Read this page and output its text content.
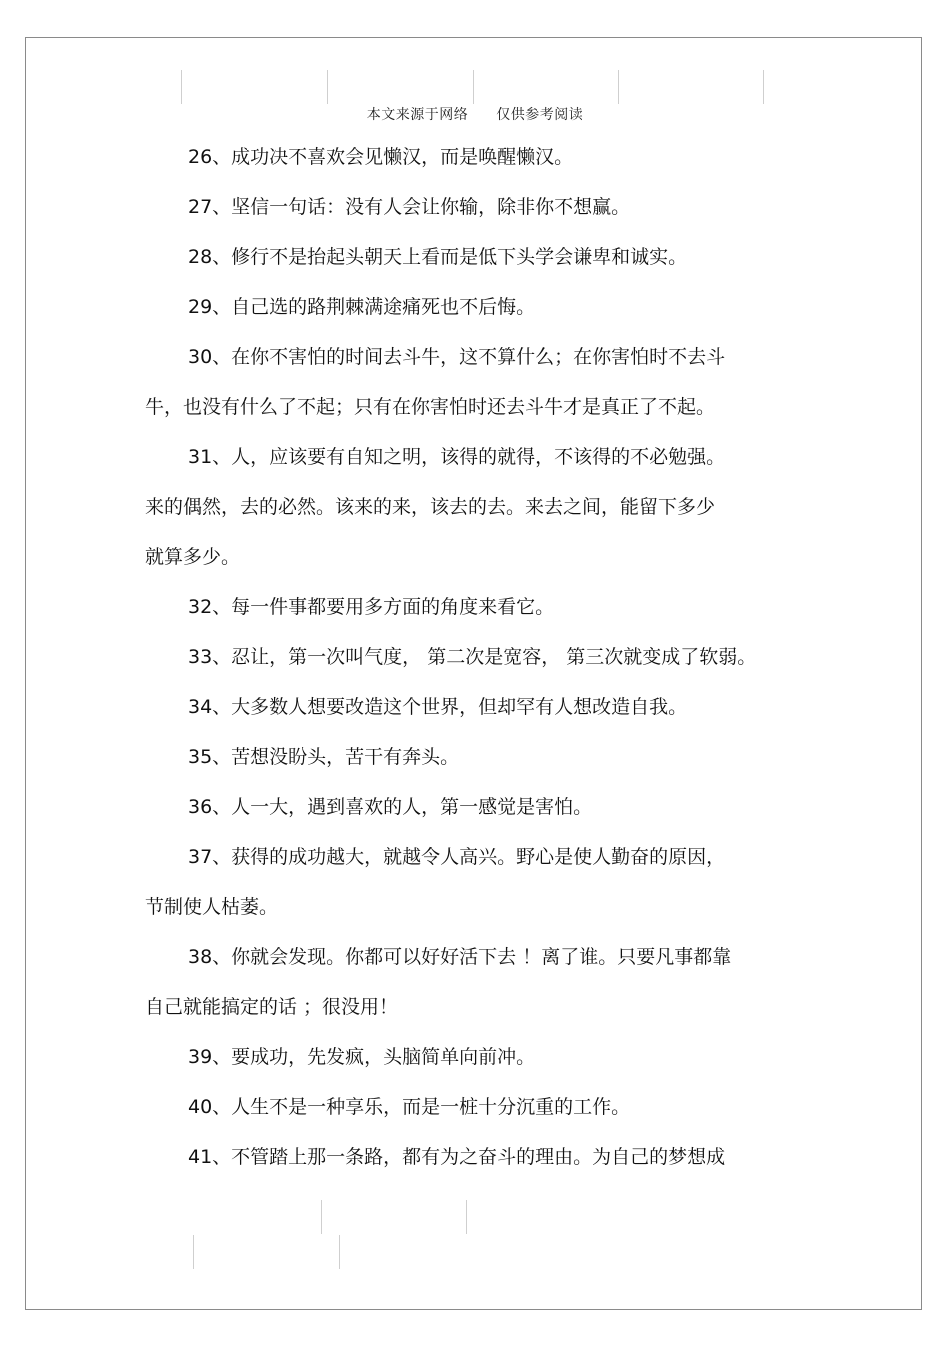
本文来源于网络 仅供参考阅读
26、成功决不喜欢会见懒汉，而是唤醒懒汉。
27、坚信一句话：没有人会让你输，除非你不想赢。
28、修行不是抬起头朝天上看而是低下头学会谦卑和诚实。
29、自己选的路荆棘满途痛死也不后悔。
30、在你不害怕的时间去斗牛，这不算什么；在你害怕时不去斗
牛，也没有什么了不起；只有在你害怕时还去斗牛才是真正了不起。
31、人，应该要有自知之明，该得的就得，不该得的不必勉强。
来的偶然，去的必然。该来的来，该去的去。来去之间，能留下多少
就算多少。
32、每一件事都要用多方面的角度来看它。
33、忍让，第一次叫气度， 第二次是宽容， 第三次就变成了软弱。
34、大多数人想要改造这个世界，但却罕有人想改造自我。
35、苦想没盼头，苦干有奔头。
36、人一大，遇到喜欢的人，第一感觉是害怕。
37、获得的成功越大，就越令人高兴。野心是使人勤奋的原因，
节制使人枯萎。
38、你就会发现。你都可以好好活下去 ！离了谁。只要凡事都靠
自己就能搞定的话 ；很没用！
39、要成功，先发疯，头脑简单向前冲。
40、人生不是一种享乐，而是一桩十分沉重的工作。
41、不管踏上那一条路，都有为之奋斗的理由。为自己的梦想成
